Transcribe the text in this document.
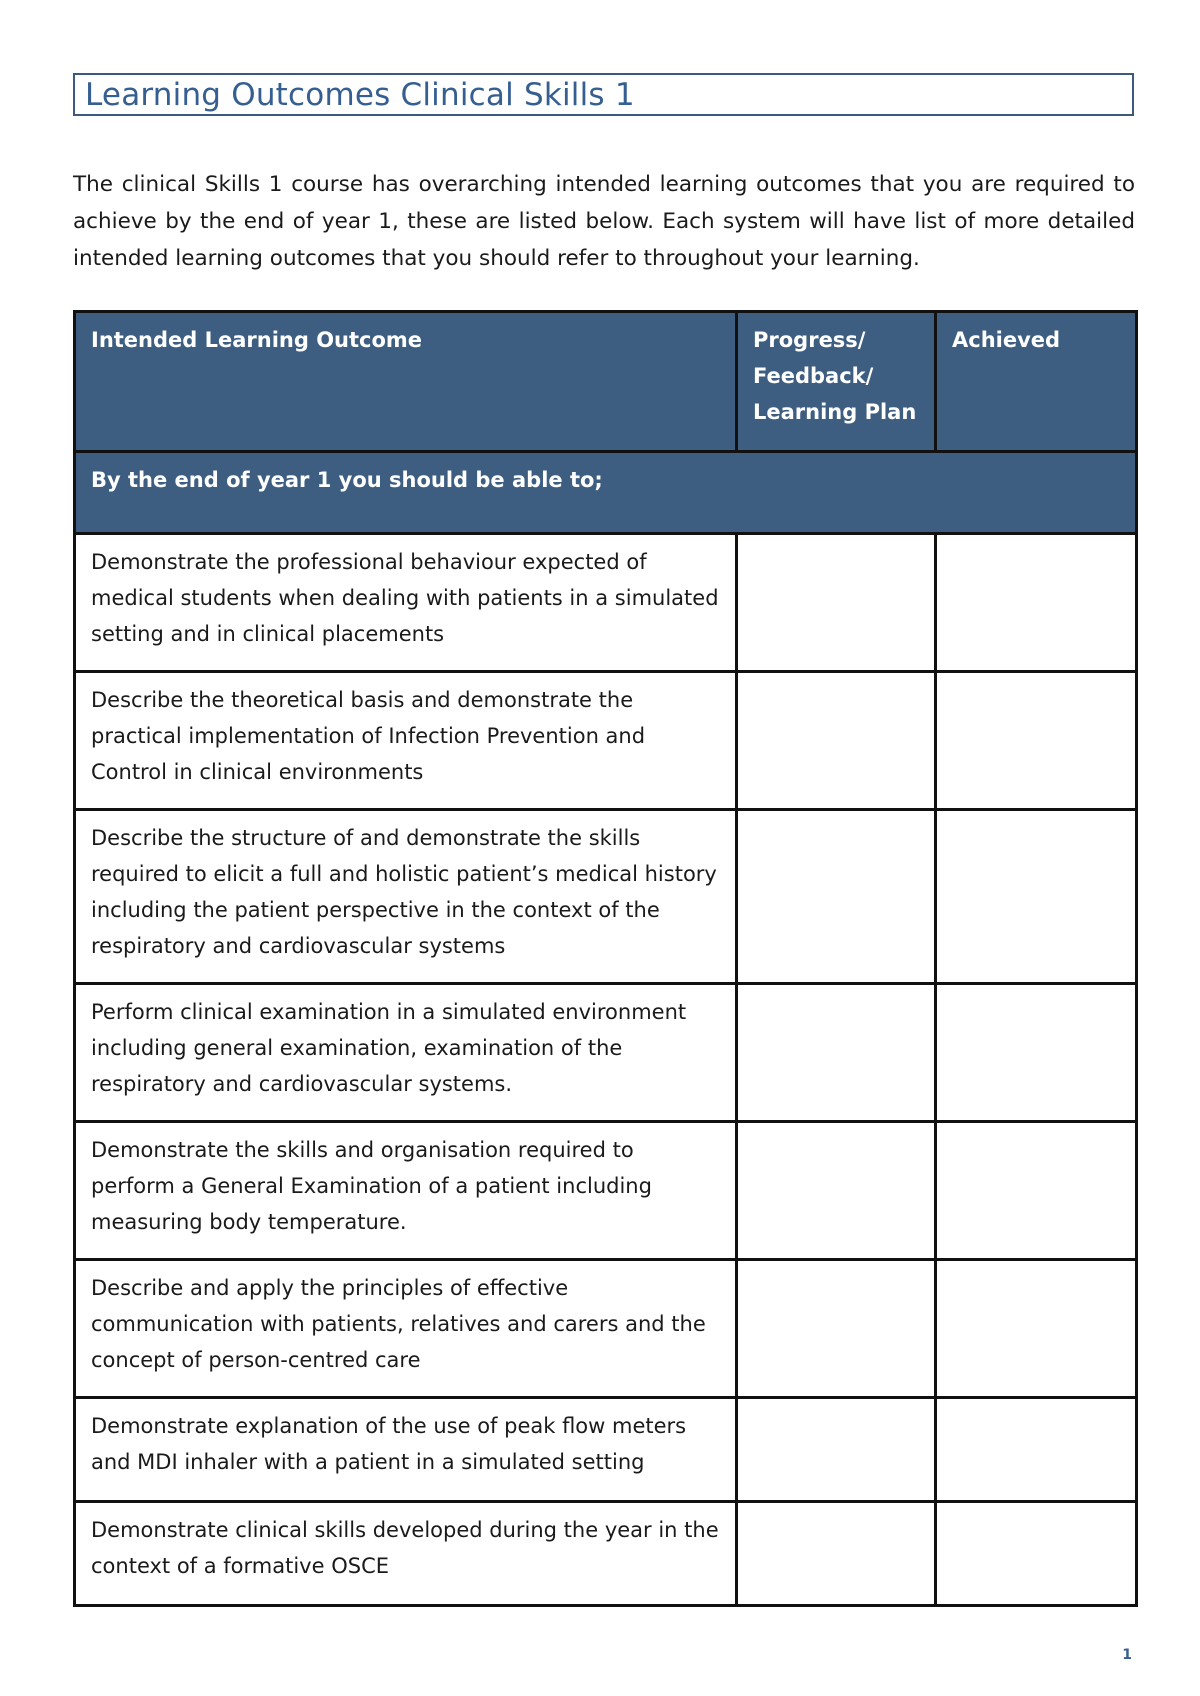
Learning Outcomes Clinical Skills 1

The clinical Skills 1 course has overarching intended learning outcomes that you are required to achieve by the end of year 1, these are listed below. Each system will have list of more detailed intended learning outcomes that you should refer to throughout your learning.

Intended Learning Outcome	Progress/ Feedback/ Learning Plan	Achieved
By the end of year 1 you should be able to;		
Demonstrate the professional behaviour expected of medical students when dealing with patients in a simulated setting and in clinical placements		
Describe the theoretical basis and demonstrate the practical implementation of Infection Prevention and Control in clinical environments		
Describe the structure of and demonstrate the skills required to elicit a full and holistic patient’s medical history including the patient perspective in the context of the respiratory and cardiovascular systems		
Perform clinical examination in a simulated environment including general examination, examination of the respiratory and cardiovascular systems.		
Demonstrate the skills and organisation required to perform a General Examination of a patient including measuring body temperature.		
Describe and apply the principles of effective communication with patients, relatives and carers and the concept of person-centred care		
Demonstrate explanation of the use of peak flow meters and MDI inhaler with a patient in a simulated setting		
Demonstrate clinical skills developed during the year in the context of a formative OSCE		
1
